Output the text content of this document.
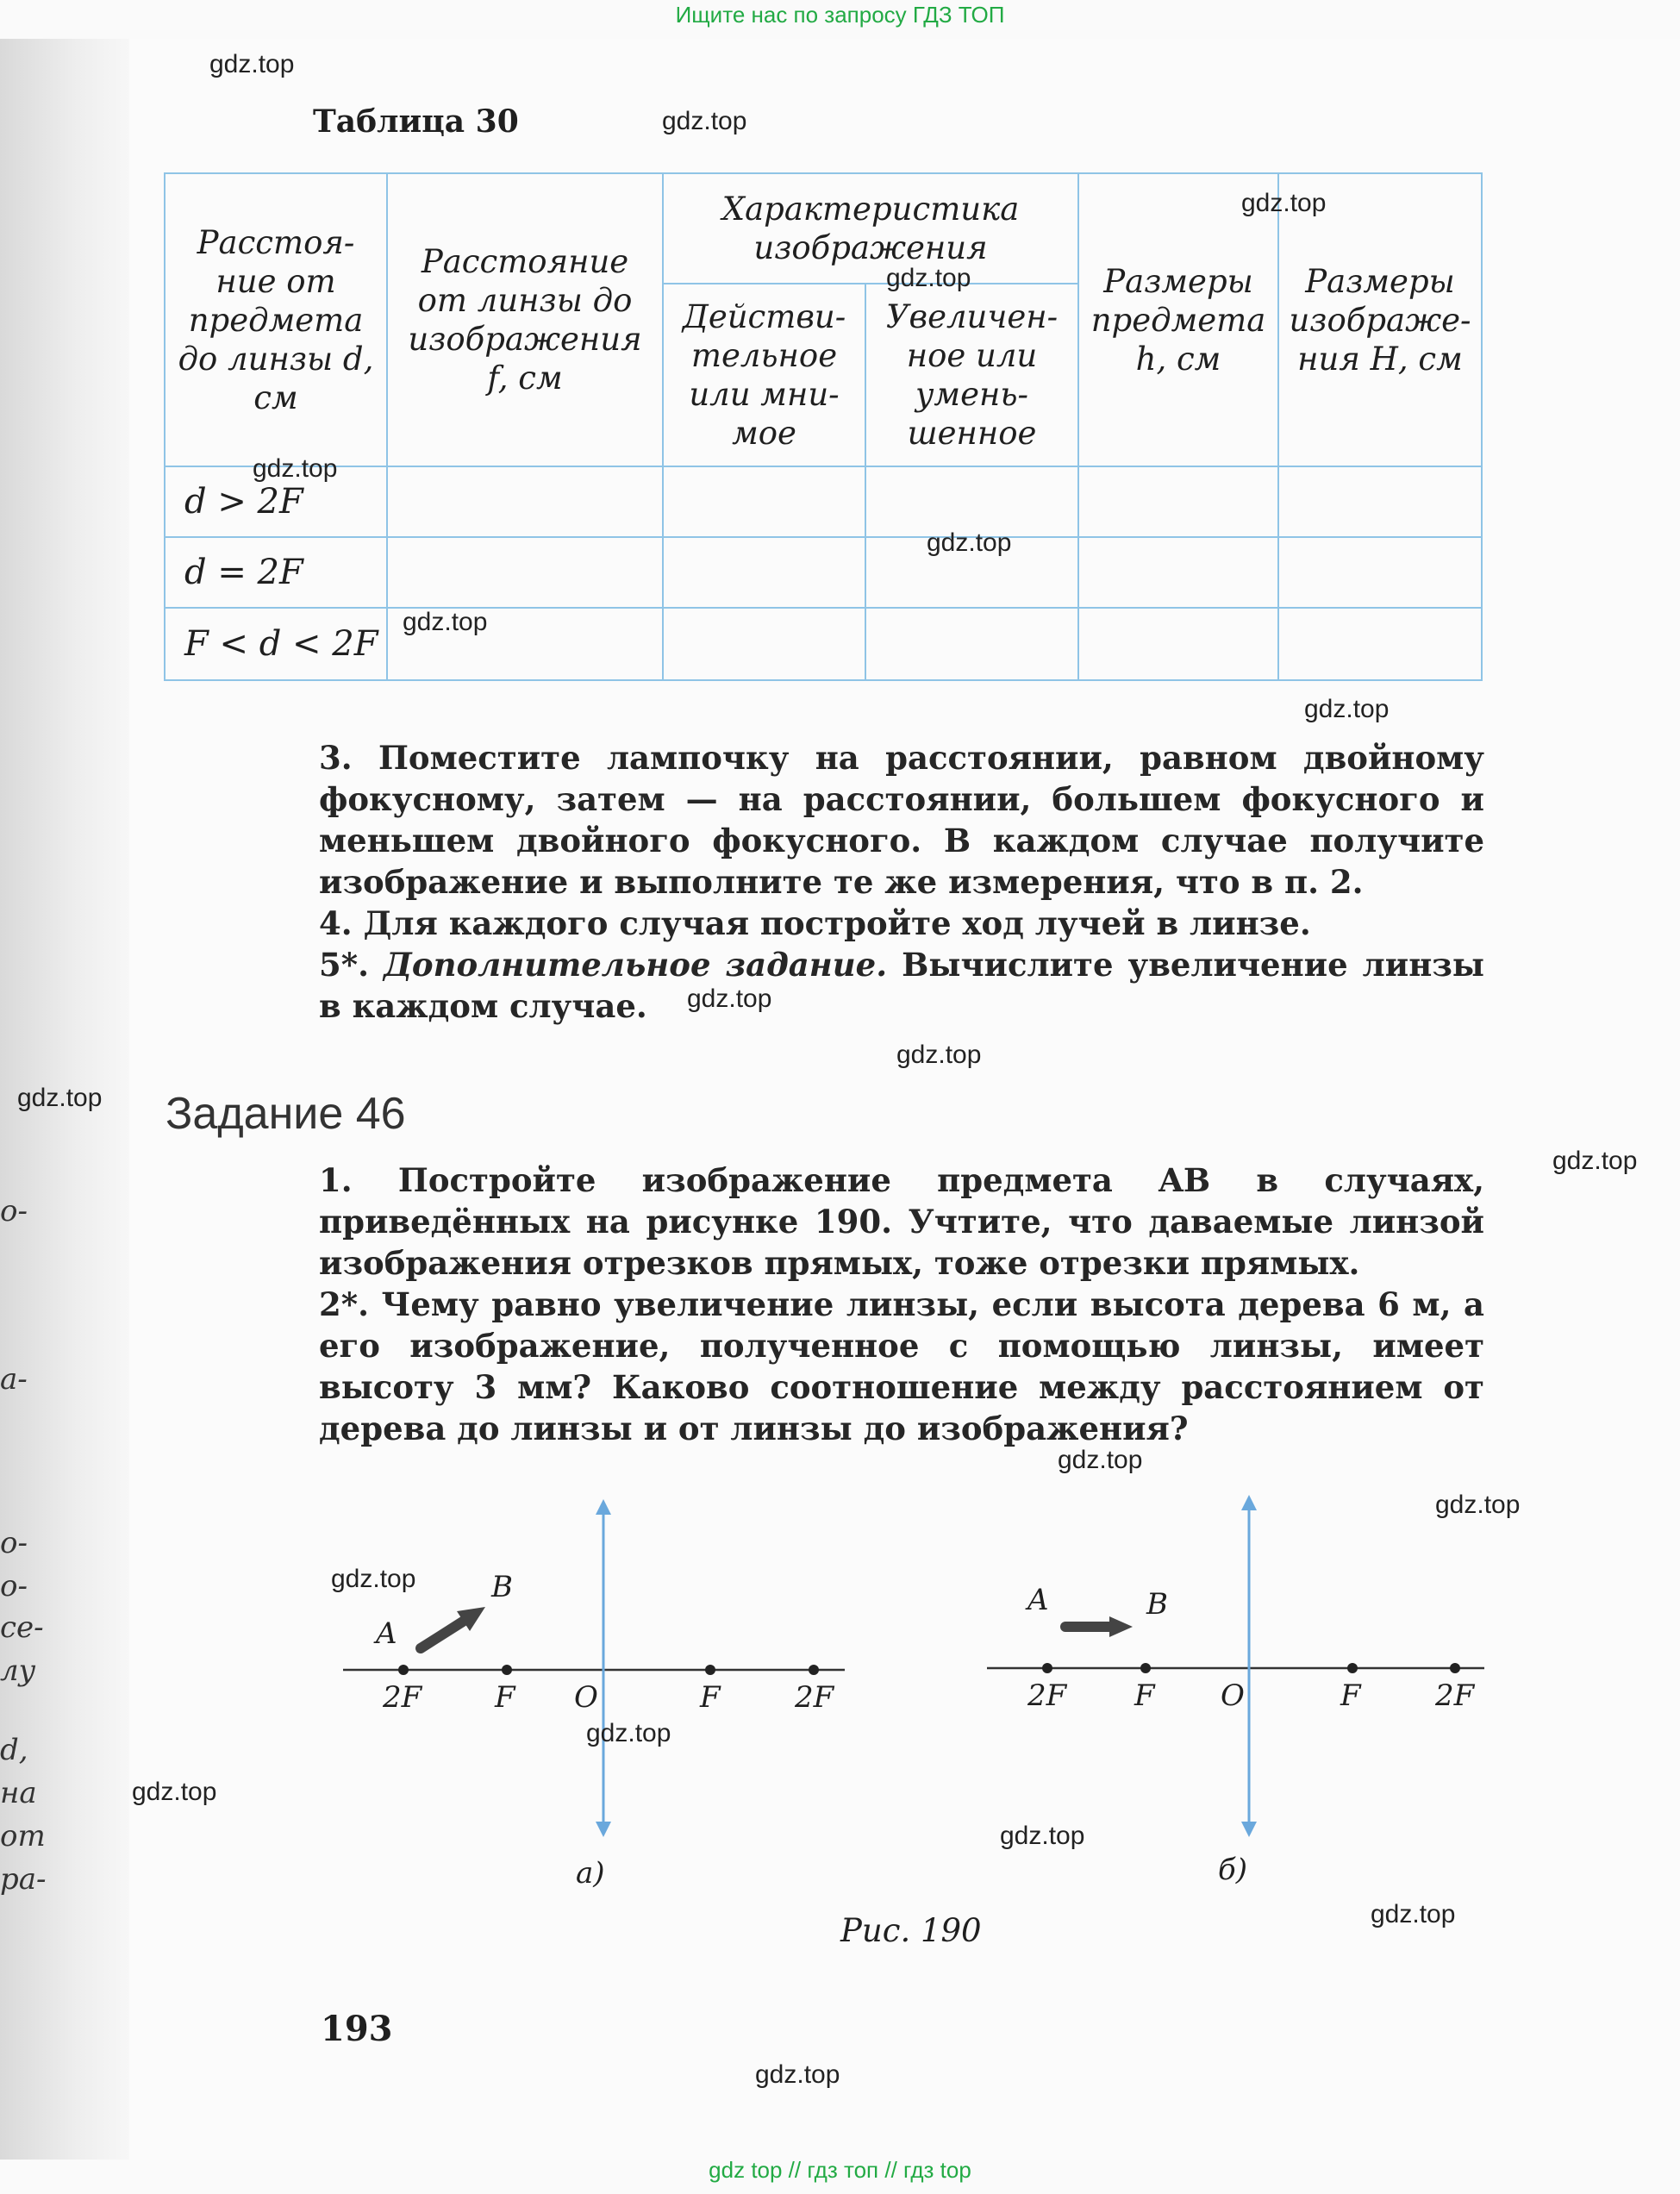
Ищите нас по запросу ГДЗ ТОП
о-
а-
о-
о-
се-
лу
d,
на
от
ра-
Таблица 30
Расстоя-ние от предмета до линзы d, см	Расстояние от линзы до изображения f, см	Характеристика изображения		Размеры предмета h, см	Размеры изображе-ния H, см
		Действи-тельное или мни-мое	Увеличен-ное или умень-шенное		
d > 2F					
d = 2F					
F < d < 2F					

3. Поместите лампочку на расстоянии, равном двойному фокусному, затем — на расстоянии, большем фокусного и меньшем двойного фокусного. В каждом случае получите изображение и выполните те же измерения, что в п. 2.

4. Для каждого случая постройте ход лучей в линзе.

5*. Дополнительное задание. Вычислите увеличение линзы в каждом случае.

Задание 46

1. Постройте изображение предмета AB в случаях, приведённых на рисунке 190. Учтите, что даваемые линзой изображения отрезков прямых, тоже отрезки прямых.

2*. Чему равно увеличение линзы, если высота дерева 6 м, а его изображение, полученное с помощью линзы, имеет высоту 3 мм? Каково соотношение между расстоянием от дерева до линзы и от линзы до изображения?

A
B
2F F O	F	2F
а)
A	B
2F F O	F	2F
б)
Рис. 190
193
gdz.top
gdz.top
gdz.top
gdz.top
gdz.top
gdz.top
gdz.top
gdz.top
gdz.top
gdz.top
gdz.top
gdz.top
gdz.top
gdz.top
gdz.top
gdz.top
gdz.top
gdz.top
gdz.top
gdz.top
gdz top // гдз топ // гдз top
